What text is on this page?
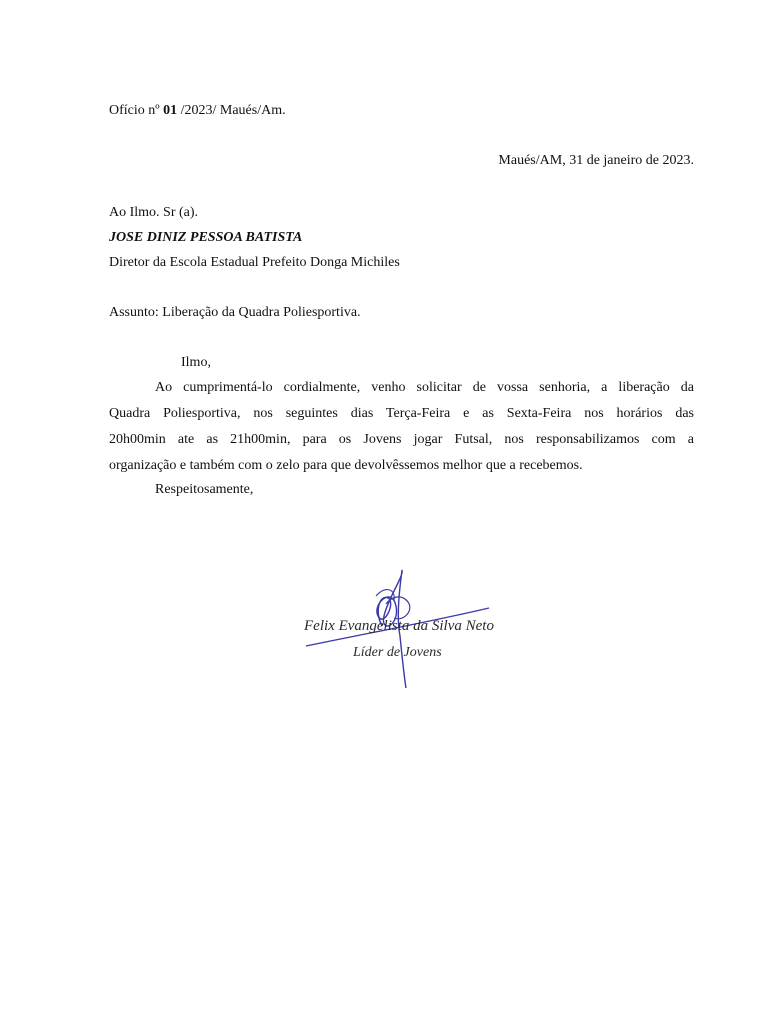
Ofício nº 01 /2023/ Maués/Am.
Maués/AM, 31 de janeiro de 2023.
Ao Ilmo. Sr (a).
JOSE DINIZ PESSOA BATISTA
Diretor da Escola Estadual Prefeito Donga Michiles
Assunto: Liberação da Quadra Poliesportiva.
Ilmo,
Ao cumprimentá-lo cordialmente, venho solicitar de vossa senhoria, a liberação da
Quadra Poliesportiva, nos seguintes dias Terça-Feira e as Sexta-Feira nos horários das
20h00min ate as 21h00min, para os Jovens jogar Futsal, nos responsabilizamos com a
organização e também com o zelo para que devolvêssemos melhor que a recebemos.
Respeitosamente,
Felix Evangelista da Silva Neto
Líder de Jovens
